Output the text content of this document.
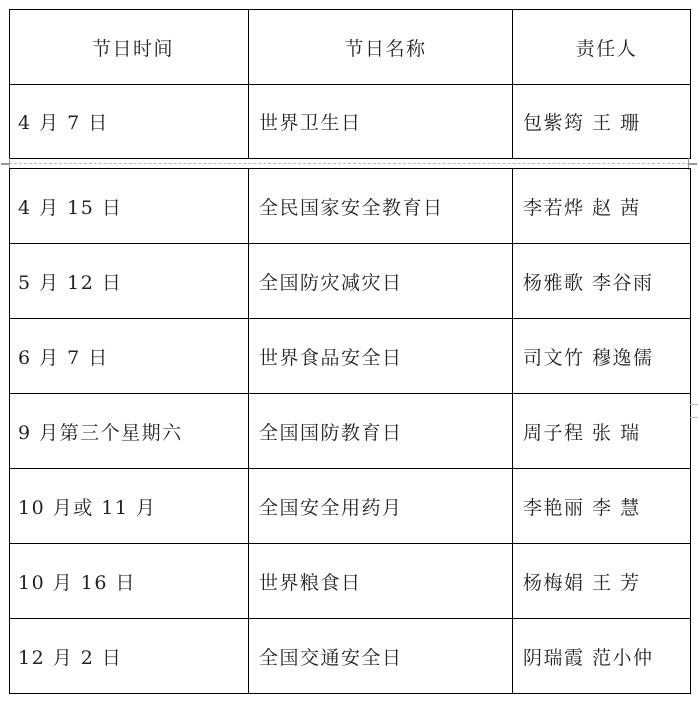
节日时间	节日名称	责任人
4 月 7 日	世界卫生日	包紫筠 王 珊
4 月 15 日	全民国家安全教育日	李若烨 赵 茜
5 月 12 日	全国防灾减灾日	杨雅歌 李谷雨
6 月 7 日	世界食品安全日	司文竹 穆逸儒
9 月第三个星期六	全国国防教育日	周子程 张 瑞
10 月或 11 月	全国安全用药月	李艳丽 李 慧
10 月 16 日	世界粮食日	杨梅娟 王 芳
12 月 2 日	全国交通安全日	阴瑞霞 范小仲
